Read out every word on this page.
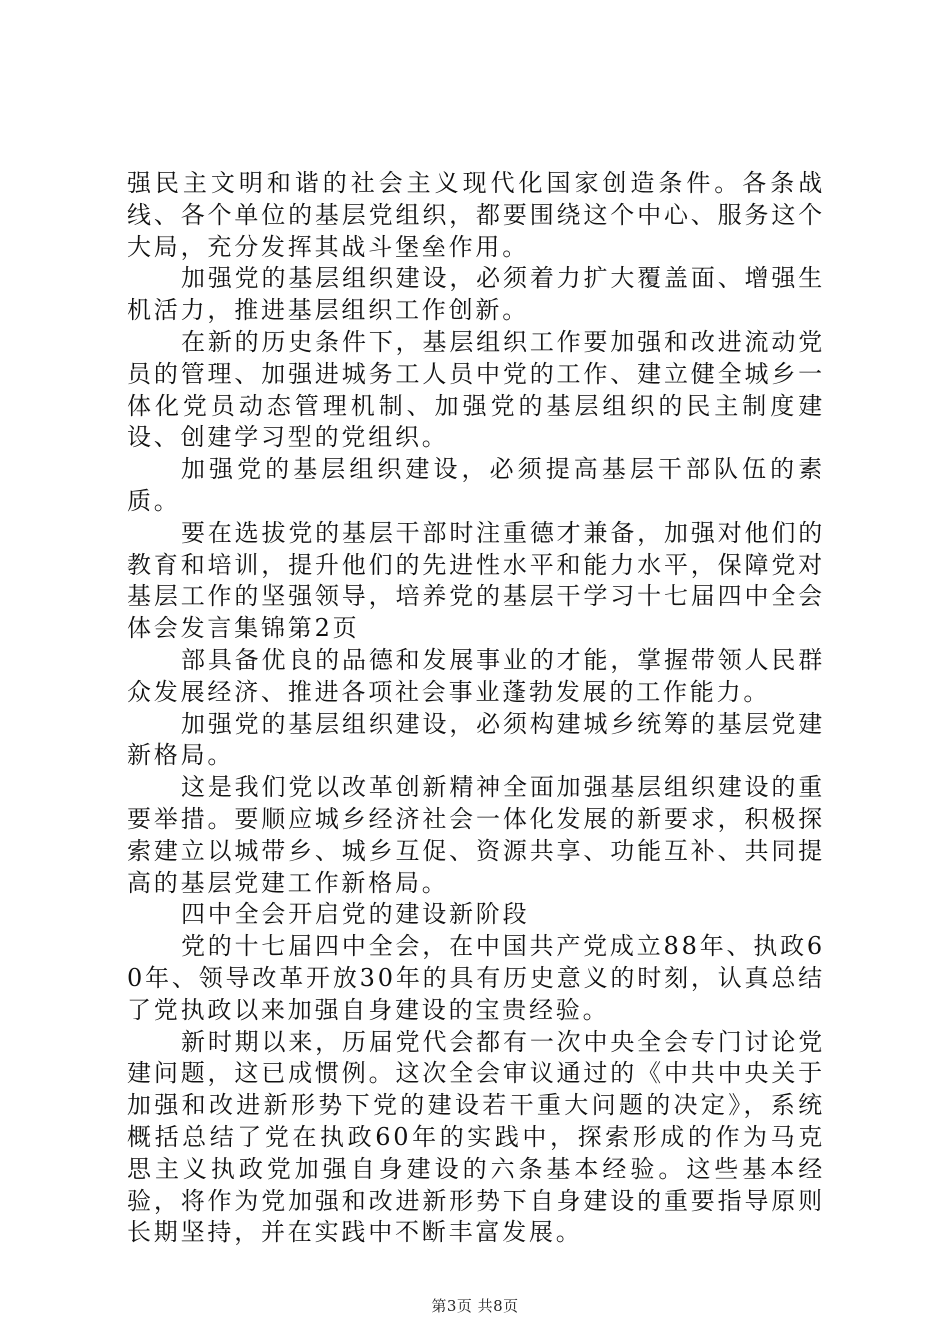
强民主文明和谐的社会主义现代化国家创造条件。各条战线、各个单位的基层党组织，都要围绕这个中心、服务这个大局，充分发挥其战斗堡垒作用。

加强党的基层组织建设，必须着力扩大覆盖面、增强生机活力，推进基层组织工作创新。

在新的历史条件下，基层组织工作要加强和改进流动党员的管理、加强进城务工人员中党的工作、建立健全城乡一体化党员动态管理机制、加强党的基层组织的民主制度建设、创建学习型的党组织。

加强党的基层组织建设，必须提高基层干部队伍的素质。

要在选拔党的基层干部时注重德才兼备，加强对他们的教育和培训，提升他们的先进性水平和能力水平，保障党对基层工作的坚强领导，培养党的基层干学习十七届四中全会体会发言集锦第2页

部具备优良的品德和发展事业的才能，掌握带领人民群众发展经济、推进各项社会事业蓬勃发展的工作能力。

加强党的基层组织建设，必须构建城乡统筹的基层党建新格局。

这是我们党以改革创新精神全面加强基层组织建设的重要举措。要顺应城乡经济社会一体化发展的新要求，积极探索建立以城带乡、城乡互促、资源共享、功能互补、共同提高的基层党建工作新格局。

四中全会开启党的建设新阶段

党的十七届四中全会，在中国共产党成立88年、执政60年、领导改革开放30年的具有历史意义的时刻，认真总结了党执政以来加强自身建设的宝贵经验。

新时期以来，历届党代会都有一次中央全会专门讨论党建问题，这已成惯例。这次全会审议通过的《中共中央关于加强和改进新形势下党的建设若干重大问题的决定》，系统概括总结了党在执政60年的实践中，探索形成的作为马克思主义执政党加强自身建设的六条基本经验。这些基本经验，将作为党加强和改进新形势下自身建设的重要指导原则长期坚持，并在实践中不断丰富发展。

第3页 共8页
